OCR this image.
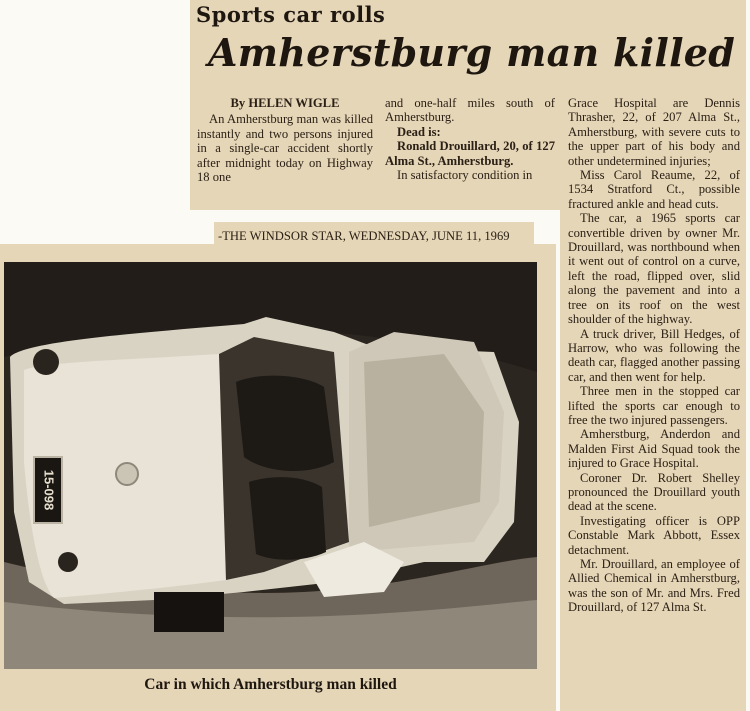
Sports car rolls
Amherstburg man killed

By HELEN WIGLE

An Amherstburg man was killed instantly and two persons injured in a single-car accident shortly after midnight today on Highway 18 one

and one-half miles south of Amherstburg.

Dead is:

Ronald Drouillard, 20, of 127 Alma St., Amherstburg.

In satisfactory condition in

Grace Hospital are Dennis Thrasher, 22, of 207 Alma St., Amherstburg, with severe cuts to the upper part of his body and other undetermined injuries;

Miss Carol Reaume, 22, of 1534 Stratford Ct., possible fractured ankle and head cuts.

The car, a 1965 sports car convertible driven by owner Mr. Drouillard, was northbound when it went out of control on a curve, left the road, flipped over, slid along the pavement and into a tree on its roof on the west shoulder of the highway.

A truck driver, Bill Hedges, of Harrow, who was following the death car, flagged another passing car, and then went for help.

Three men in the stopped car lifted the sports car enough to free the two injured passengers.

Amherstburg, Anderdon and Malden First Aid Squad took the injured to Grace Hospital.

Coroner Dr. Robert Shelley pronounced the Drouillard youth dead at the scene.

Investigating officer is OPP Constable Mark Abbott, Essex detachment.

Mr. Drouillard, an employee of Allied Chemical in Amherstburg, was the son of Mr. and Mrs. Fred Drouillard, of 127 Alma St.

-THE WINDSOR STAR, WEDNESDAY, JUNE 11, 1969
15-098
Car in which Amherstburg man killed
